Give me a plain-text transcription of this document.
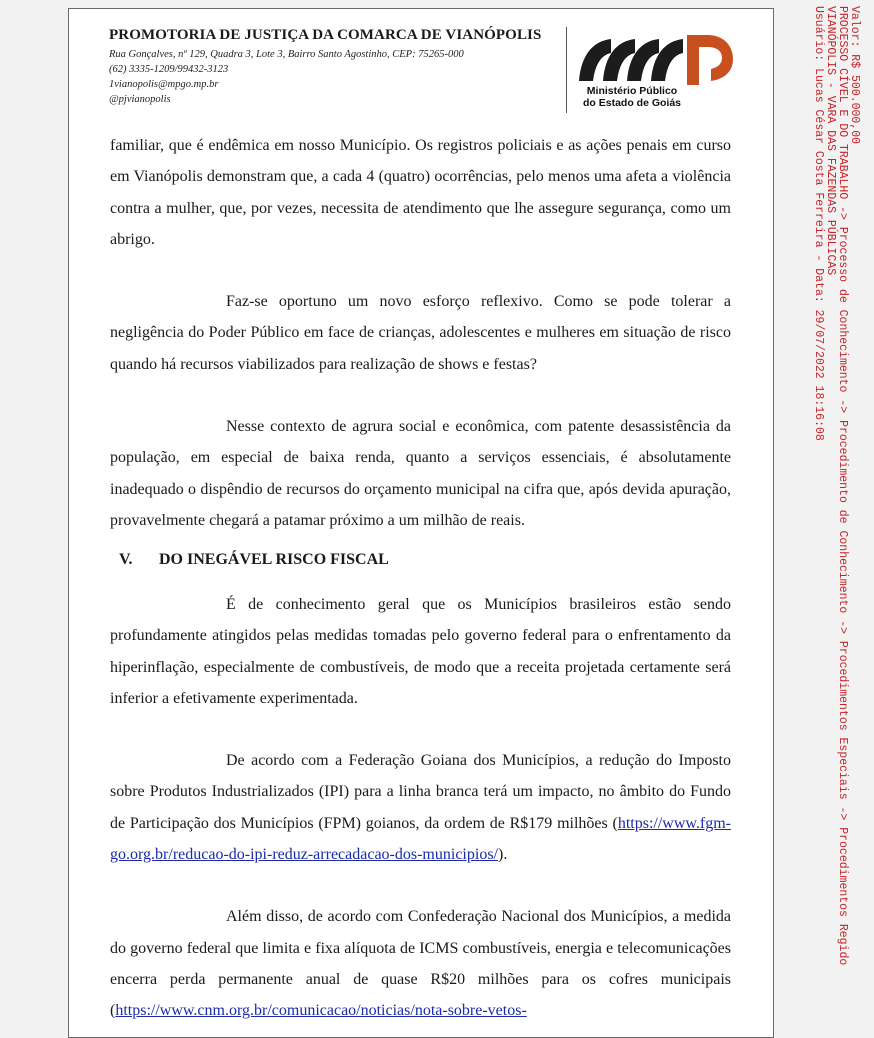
PROMOTORIA DE JUSTIÇA DA COMARCA DE VIANÓPOLIS
Rua Gonçalves, nº 129, Quadra 3, Lote 3, Bairro Santo Agostinho, CEP: 75265-000
(62) 3335-1209/99432-3123
1vianopolis@mpgo.mp.br
@pjvianopolis
Ministério Público
do Estado de Goiás

familiar, que é endêmica em nosso Município. Os registros policiais e as ações penais em curso em Vianópolis demonstram que, a cada 4 (quatro) ocorrências, pelo menos uma afeta a violência contra a mulher, que, por vezes, necessita de atendimento que lhe assegure segurança, como um abrigo.

Faz-se oportuno um novo esforço reflexivo. Como se pode tolerar a negligência do Poder Público em face de crianças, adolescentes e mulheres em situação de risco quando há recursos viabilizados para realização de shows e festas?

Nesse contexto de agrura social e econômica, com patente desassistência da população, em especial de baixa renda, quanto a serviços essenciais, é absolutamente inadequado o dispêndio de recursos do orçamento municipal na cifra que, após devida apuração, provavelmente chegará a patamar próximo a um milhão de reais.

V. DO INEGÁVEL RISCO FISCAL

É de conhecimento geral que os Municípios brasileiros estão sendo profundamente atingidos pelas medidas tomadas pelo governo federal para o enfrentamento da hiperinflação, especialmente de combustíveis, de modo que a receita projetada certamente será inferior a efetivamente experimentada.

De acordo com a Federação Goiana dos Municípios, a redução do Imposto sobre Produtos Industrializados (IPI) para a linha branca terá um impacto, no âmbito do Fundo de Participação dos Municípios (FPM) goianos, da ordem de R$179 milhões (https://www.fgm-go.org.br/reducao-do-ipi-reduz-arrecadacao-dos-municipios/).

Além disso, de acordo com Confederação Nacional dos Municípios, a medida do governo federal que limita e fixa alíquota de ICMS combustíveis, energia e telecomunicações encerra perda permanente anual de quase R$20 milhões para os cofres municipais (https://www.cnm.org.br/comunicacao/noticias/nota-sobre-vetos-

Valor: R$ 500.000,00
PROCESSO CÍVEL E DO TRABALHO -> Processo de Conhecimento -> Procedimento de Conhecimento -> Procedimentos Especiais -> Procedimentos Regido
VIANÓPOLIS - VARA DAS FAZENDAS PÚBLICAS
Usuário: Lucas César Costa Ferreira - Data: 29/07/2022 18:16:08
